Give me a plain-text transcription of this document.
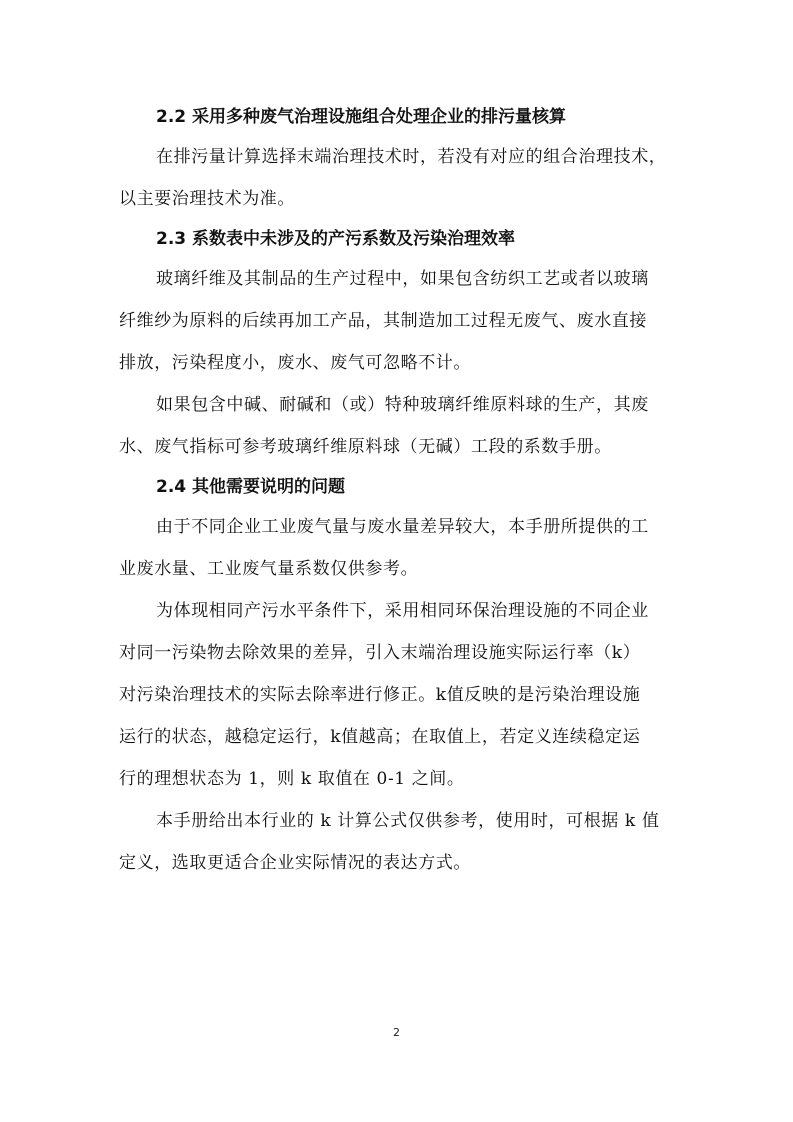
2.2 采用多种废气治理设施组合处理企业的排污量核算

在排污量计算选择末端治理技术时，若没有对应的组合治理技术，
以主要治理技术为准。

2.3 系数表中未涉及的产污系数及污染治理效率

玻璃纤维及其制品的生产过程中，如果包含纺织工艺或者以玻璃
纤维纱为原料的后续再加工产品，其制造加工过程无废气、废水直接
排放，污染程度小，废水、废气可忽略不计。

如果包含中碱、耐碱和（或）特种玻璃纤维原料球的生产，其废
水、废气指标可参考玻璃纤维原料球（无碱）工段的系数手册。

2.4 其他需要说明的问题

由于不同企业工业废气量与废水量差异较大，本手册所提供的工
业废水量、工业废气量系数仅供参考。

为体现相同产污水平条件下，采用相同环保治理设施的不同企业
对同一污染物去除效果的差异，引入末端治理设施实际运行率（k）
对污染治理技术的实际去除率进行修正。k值反映的是污染治理设施
运行的状态，越稳定运行，k值越高；在取值上，若定义连续稳定运
行的理想状态为 1，则 k 取值在 0-1 之间。

本手册给出本行业的 k 计算公式仅供参考，使用时，可根据 k 值
定义，选取更适合企业实际情况的表达方式。

2
